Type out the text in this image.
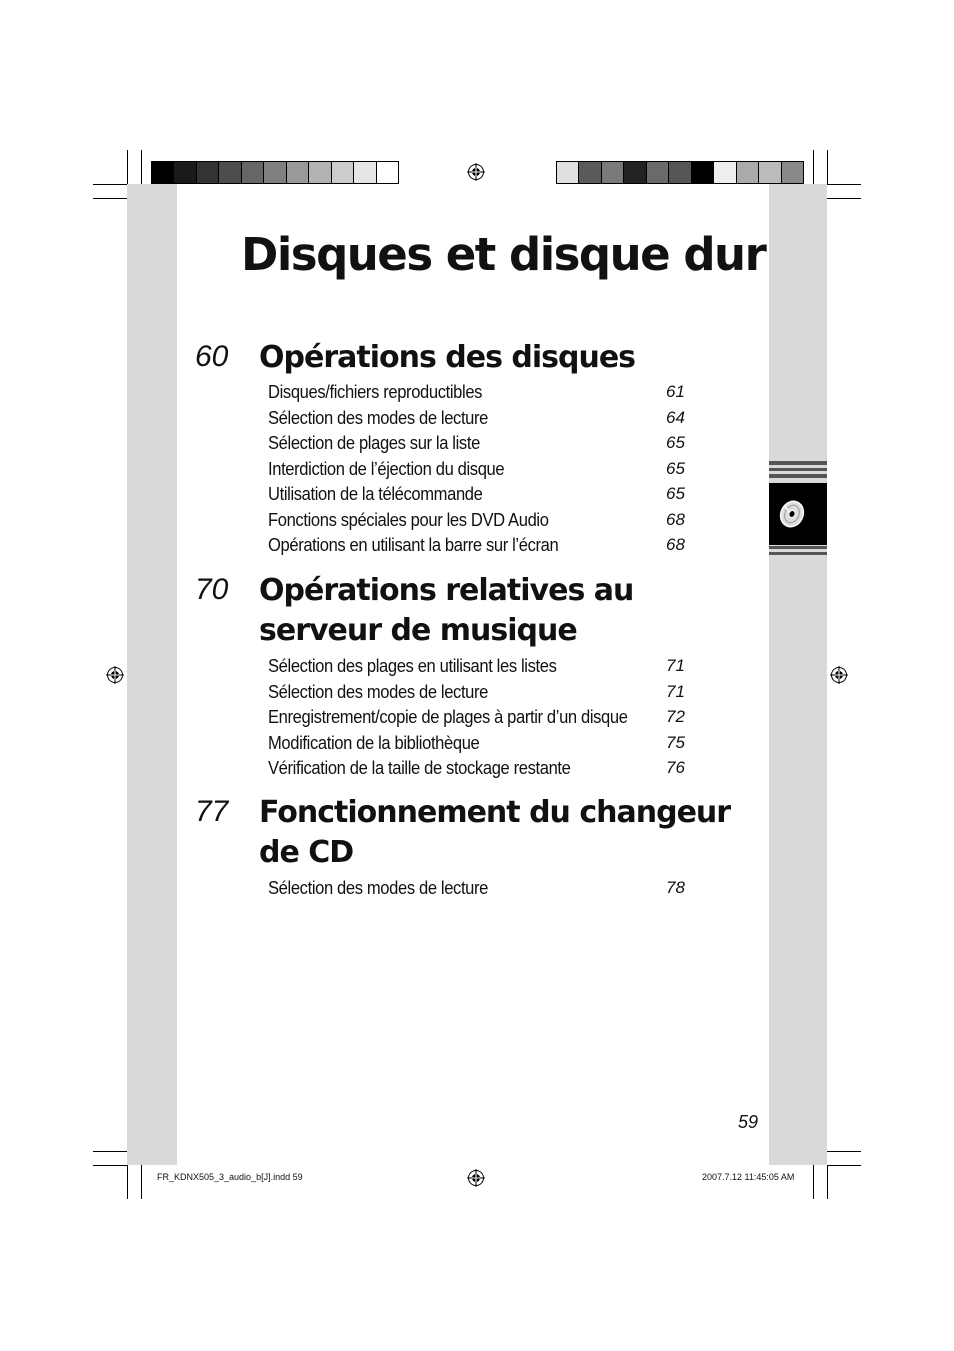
Disques et disque dur
60 Opérations des disques
Disques/fichiers reproductibles	61
Sélection des modes de lecture	64
Sélection de plages sur la liste	65
Interdiction de l’éjection du disque	65
Utilisation de la télécommande	65
Fonctions spéciales pour les DVD Audio	68
Opérations en utilisant la barre sur l’écran	68
70 Opérations relatives au serveur de musique
Sélection des plages en utilisant les listes	71
Sélection des modes de lecture	71
Enregistrement/copie de plages à partir d’un disque 72
Modification de la bibliothèque	75
Vérification de la taille de stockage restante	76
77 Fonctionnement du changeur de CD
Sélection des modes de lecture	78
59
FR_KDNX505_3_audio_b[J].indd 59	2007.7.12 11:45:05 AM
